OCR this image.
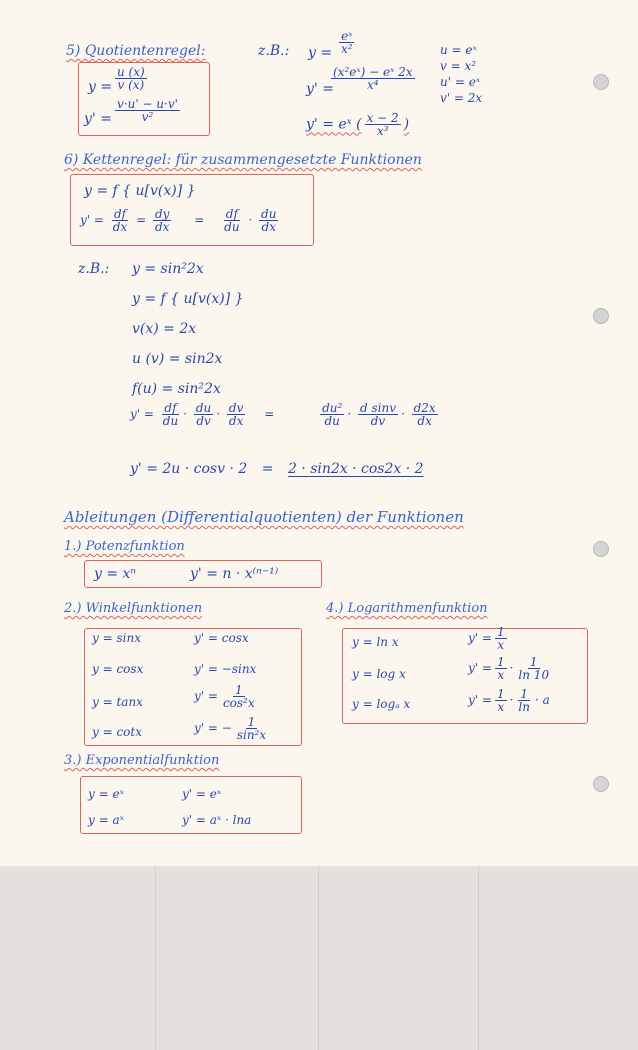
5) Quotientenregel:
$y = \frac{u (x)}{v (x)}$
$y' = \frac{v\cdot u' - u\cdot v'}{\text{v²}}$
z.B.: $y = \frac{\text{eˣ}}{\text{x²}}$
y' =
$\frac{\text{(x²eˣ) − eˣ 2x}}{\text{x⁴}}$
y' = eˣ ( $\frac{x - 2}{\text{x³}}$ )
u = eˣ
v = x²
u' = eˣ
v' = 2x
6) Kettenregel: für zusammengesetzte Funktionen
y = f { u[v(x)] }
$y' = \frac{df}{dx} = \frac{dy}{dx} = \frac{df}{du} \cdot \frac{du}{dx}$
z.B.: y = sin²2x
y = f { u[v(x)] }
v(x) = 2x
u (v) = sin2x
f(u) = sin²2x
$y' = \frac{df}{du} \cdot \frac{du}{dv} \cdot \frac{dv}{dx}$ =	$\frac{\text{du²}}{du} \cdot \frac{\text{d sinv}}{dv} \cdot \frac{d2x}{dx}$
y' = 2u · cosv · 2 = 2 · sin2x · cos2x · 2
Ableitungen (Differentialquotienten) der Funktionen
1.) Potenzfunktion
y = xⁿ	y' = n · x⁽ⁿ⁻¹⁾
2.) Winkelfunktionen
y = sinx	y' = cosx
y = cosx	y' = −sinx
y = tanx	$y' = \frac{1}{\text{cos²x}}$
y = cotx	y' = − $\frac{1}{\text{sin²x}}$
4.) Logarithmenfunktion
y = ln x	$y' = \frac{1}{x}$
y = log x	$y' = \frac{1}{x} \cdot \frac{1}{\ln 10}$
y = logₐ x	$y' = \frac{1}{x} \cdot \frac{1}{\ln} \cdot a$
3.) Exponentialfunktion
y = eˣ	y' = eˣ
y = aˣ	y' = aˣ · lna
